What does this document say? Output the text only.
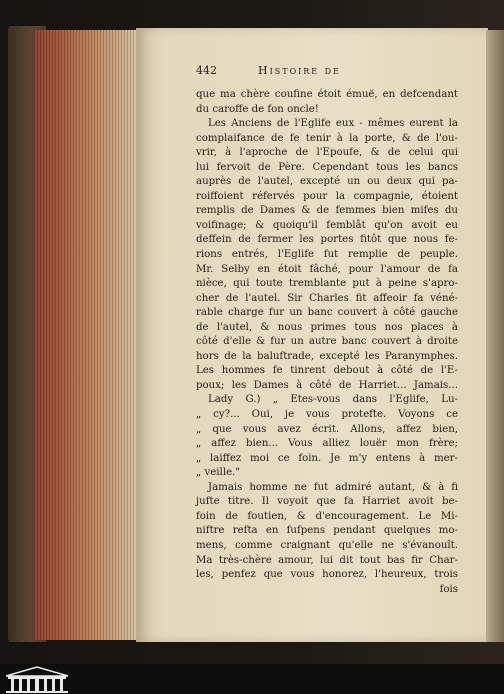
442	Histoire de
que ma chère coufine étoit émuë, en defcendant
du caroffe de fon oncle!
Les Anciens de l'Eglife eux - mêmes eurent la
complaifance de fe tenir à la porte, & de l'ou-
vrir, à l'aproche de l'Epoufe, & de celui qui
lui fervoit de Père. Cependant tous les bancs
auprès de l'autel, excepté un ou deux qui pa-
roiffoient réfervés pour la compagnie, étoient
remplis de Dames & de femmes bien mifes du
voifinage; & quoiqu'il femblât qu'on avoit eu
deffein de fermer les portes fitôt que nous fe-
rions entrés, l'Eglife fut remplie de peuple.
Mr. Selby en étoit fâché, pour l'amour de fa
nièce, qui toute tremblante put à peine s'apro-
cher de l'autel. Sir Charles fit affeoir fa véné-
rable charge fur un banc couvert à côté gauche
de l'autel, & nous primes tous nos places à
côté d'elle & fur un autre banc couvert à droite
hors de la baluftrade, excepté les Paranymphes.
Les hommes fe tinrent debout à côté de l'E-
poux; les Dames à côté de Harriet... Jamais...
Lady G.) „ Etes-vous dans l'Eglife, Lu-
„ cy?... Oui, je vous protefte. Voyons ce
„ que vous avez écrit. Allons, affez bien,
„ affez bien... Vous alliez louër mon frère;
„ laiffez moi ce foin. Je m'y entens à mer-
„ veille."
Jamais homme ne fut admiré autant, & à fi
jufte titre. Il voyoit que fa Harriet avoit be-
foin de foutien, & d'encouragement. Le Mi-
niftre refta en fufpens pendant quelques mo-
mens, comme craignant qu'elle ne s'évanouît.
Ma très-chère amour, lui dit tout bas fir Char-
les, penfez que vous honorez, l'heureux, trois
fois
